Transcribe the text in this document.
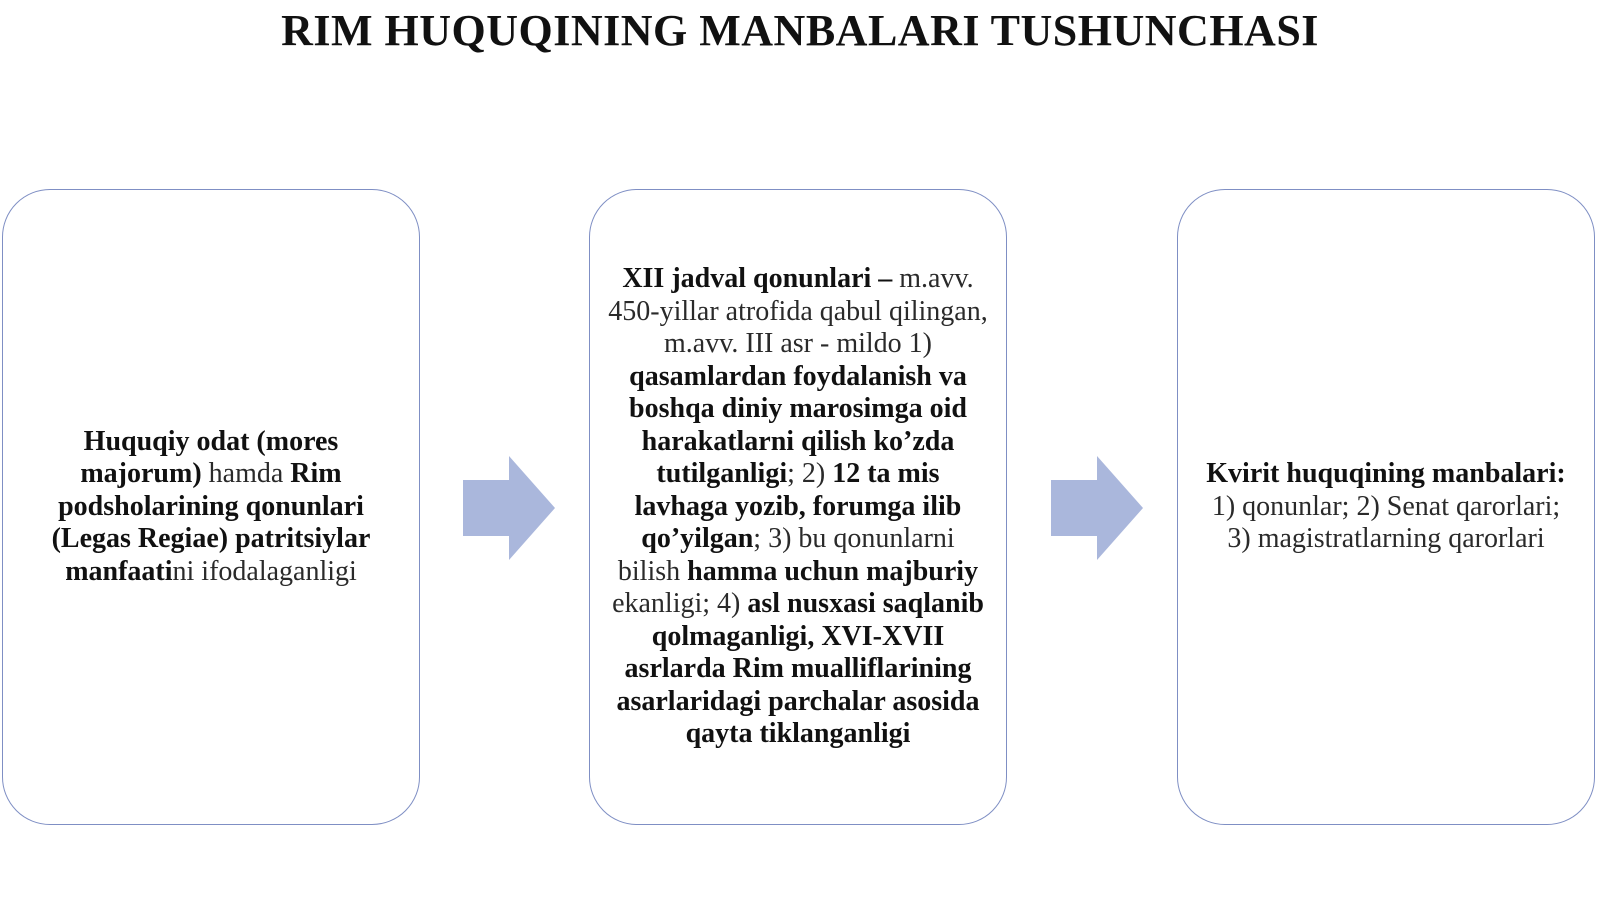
RIM HUQUQINING MANBALARI TUSHUNCHASI
Huquqiy odat (mores majorum) hamda Rim podsholarining qonunlari (Legas Regiae) patritsiylar manfaatini ifodalaganligi
XII jadval qonunlari – m.avv. 450-yillar atrofida qabul qilingan, m.avv. III asr - mildo 1) qasamlardan foydalanish va boshqa diniy marosimga oid harakatlarni qilish ko’zda tutilganligi; 2) 12 ta mis lavhaga yozib, forumga ilib qo’yilgan; 3) bu qonunlarni bilish hamma uchun majburiy ekanligi; 4) asl nusxasi saqlanib qolmaganligi, XVI-XVII asrlarda Rim mualliflarining asarlaridagi parchalar asosida qayta tiklanganligi
Kvirit huquqining manbalari: 1) qonunlar; 2) Senat qarorlari; 3) magistratlarning qarorlari
